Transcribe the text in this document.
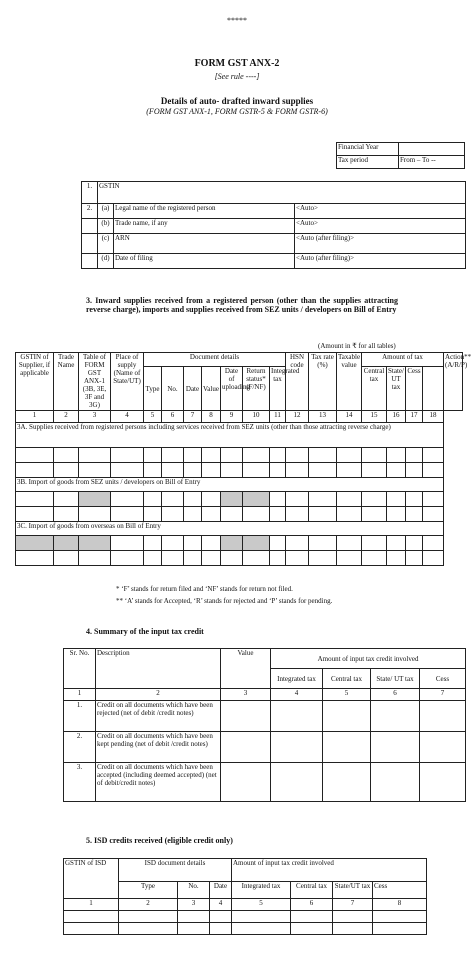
*****
FORM GST ANX-2
[See rule ----]
Details of auto- drafted inward supplies
(FORM GST ANX-1, FORM GSTR-5 & FORM GSTR-6)
Financial Year	
Tax period	From – To --
1.	GSTIN		
2.	(a)	Legal name of the registered person	<Auto>
	(b)	Trade name, if any	<Auto>
	(c)	ARN	<Auto (after filing)>
	(d)	Date of filing	<Auto (after filing)>
3. Inward supplies received from a registered person (other than the supplies attracting reverse charge), imports and supplies received from SEZ units / developers on Bill of Entry
(Amount in ₹ for all tables)
GSTIN of Supplier, if applicable	Trade Name	Table of FORM GST ANX-1 (3B, 3E, 3F and 3G)	Place of supply (Name of State/UT)	Document details							HSN code	Tax rate (%)	Taxable value	Amount of tax				Action** (A/R/P)
				Type	No.	Date	Value	Date of uploading	Return status* (F/NF)	Integrated tax				Central tax	State/ UT tax	Cess		
1	2	3	4	5	6	7	8	9	10	11	12	13	14	15	16	17	18	
3A. Supplies received from registered persons including services received from SEZ units (other than those attracting reverse charge)																		

3B. Import of goods from SEZ units / developers on Bill of Entry																		

3C. Import of goods from overseas on Bill of Entry																		

* ‘F’ stands for return filed and ‘NF’ stands for return not filed.
** ‘A’ stands for Accepted, ‘R’ stands for rejected and ‘P’ stands for pending.
4. Summary of the input tax credit
Sr. No.	Description	Value	Amount of input tax credit involved			
			Integrated tax	Central tax	State/ UT tax	Cess
1	2	3	4	5	6	7
1.	Credit on all documents which have been rejected (net of debit /credit notes)					
2.	Credit on all documents which have been kept pending (net of debit /credit notes)					
3.	Credit on all documents which have been accepted (including deemed accepted) (net of debit/credit notes)					
5. ISD credits received (eligible credit only)
GSTIN of ISD	ISD document details			Amount of input tax credit involved			
	Type	No.	Date	Integrated tax	Central tax	State/UT tax	Cess
1	2	3	4	5	6	7	8
